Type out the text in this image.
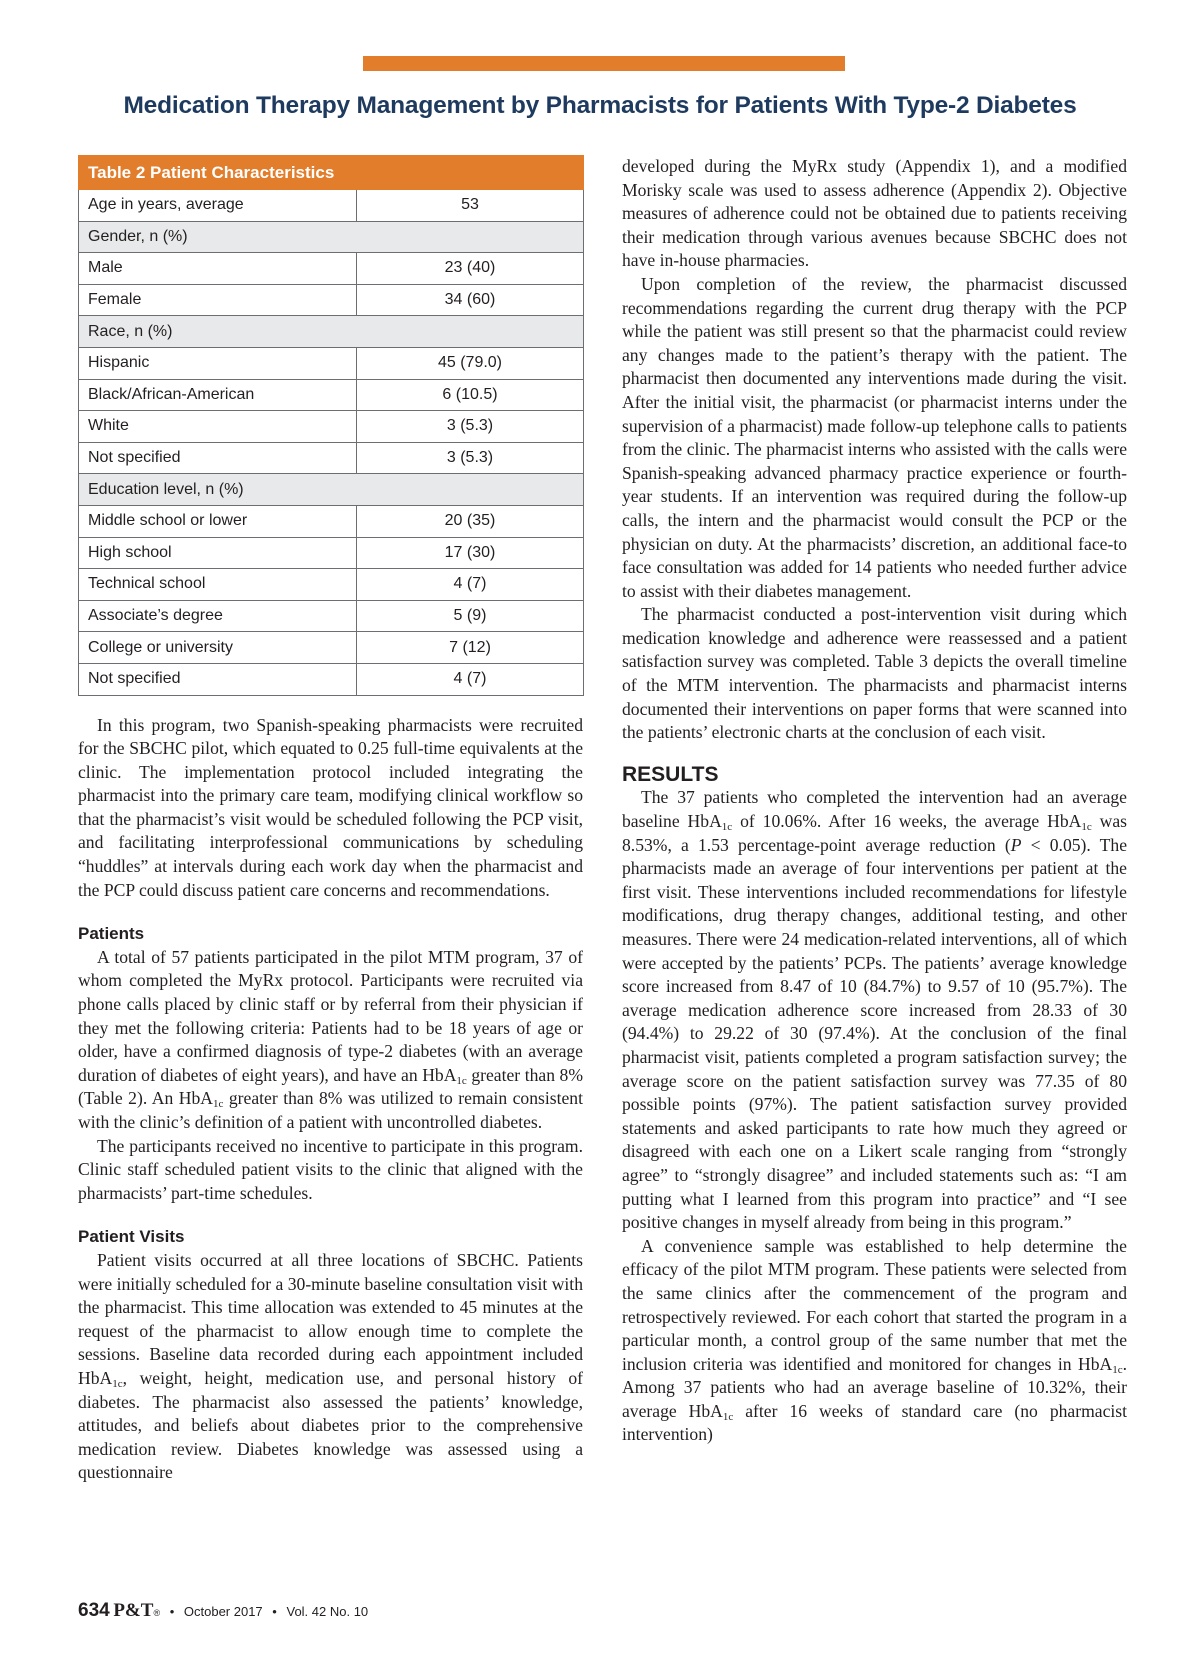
Medication Therapy Management by Pharmacists for Patients With Type-2 Diabetes
Table 2 Patient Characteristics	
Age in years, average	53
Gender, n (%)	
Male	23 (40)
Female	34 (60)
Race, n (%)	
Hispanic	45 (79.0)
Black/African-American	6 (10.5)
White	3 (5.3)
Not specified	3 (5.3)
Education level, n (%)	
Middle school or lower	20 (35)
High school	17 (30)
Technical school	4 (7)
Associate’s degree	5 (9)
College or university	7 (12)
Not specified	4 (7)

In this program, two Spanish-speaking pharmacists were recruited for the SBCHC pilot, which equated to 0.25 full-time equivalents at the clinic. The implementation protocol included integrating the pharmacist into the primary care team, modifying clinical workflow so that the pharmacist’s visit would be scheduled following the PCP visit, and facilitating interprofessional communications by scheduling “huddles” at intervals during each work day when the pharmacist and the PCP could discuss patient care concerns and recommendations.

Patients

A total of 57 patients participated in the pilot MTM program, 37 of whom completed the MyRx protocol. Participants were recruited via phone calls placed by clinic staff or by referral from their physician if they met the following criteria: Patients had to be 18 years of age or older, have a confirmed diagnosis of type-2 diabetes (with an average duration of diabetes of eight years), and have an HbA$_{1c}$ greater than 8% (Table 2). An HbA$_{1c}$ greater than 8% was utilized to remain consistent with the clinic’s definition of a patient with uncontrolled diabetes.

The participants received no incentive to participate in this program. Clinic staff scheduled patient visits to the clinic that aligned with the pharmacists’ part-time schedules.

Patient Visits

Patient visits occurred at all three locations of SBCHC. Patients were initially scheduled for a 30-minute baseline consultation visit with the pharmacist. This time allocation was extended to 45 minutes at the request of the pharmacist to allow enough time to complete the sessions. Baseline data recorded during each appointment included HbA$_{1c}$, weight, height, medication use, and personal history of diabetes. The pharmacist also assessed the patients’ knowledge, attitudes, and beliefs about diabetes prior to the comprehensive medication review. Diabetes knowledge was assessed using a questionnaire

developed during the MyRx study (Appendix 1), and a modified Morisky scale was used to assess adherence (Appendix 2). Objective measures of adherence could not be obtained due to patients receiving their medication through various avenues because SBCHC does not have in-house pharmacies.

Upon completion of the review, the pharmacist discussed recommendations regarding the current drug therapy with the PCP while the patient was still present so that the pharmacist could review any changes made to the patient’s therapy with the patient. The pharmacist then documented any interventions made during the visit. After the initial visit, the pharmacist (or pharmacist interns under the supervision of a pharmacist) made follow-up telephone calls to patients from the clinic. The pharmacist interns who assisted with the calls were Spanish-speaking advanced pharmacy practice experience or fourth-year students. If an intervention was required during the follow-up calls, the intern and the pharmacist would consult the PCP or the physician on duty. At the pharmacists’ discretion, an additional face-to face consultation was added for 14 patients who needed further advice to assist with their diabetes management.

The pharmacist conducted a post-intervention visit during which medication knowledge and adherence were reassessed and a patient satisfaction survey was completed. Table 3 depicts the overall timeline of the MTM intervention. The pharmacists and pharmacist interns documented their interventions on paper forms that were scanned into the patients’ electronic charts at the conclusion of each visit.

RESULTS

The 37 patients who completed the intervention had an average baseline HbA$_{1c}$ of 10.06%. After 16 weeks, the average HbA$_{1c}$ was 8.53%, a 1.53 percentage-point average reduction (P < 0.05). The pharmacists made an average of four interventions per patient at the first visit. These interventions included recommendations for lifestyle modifications, drug therapy changes, additional testing, and other measures. There were 24 medication-related interventions, all of which were accepted by the patients’ PCPs. The patients’ average knowledge score increased from 8.47 of 10 (84.7%) to 9.57 of 10 (95.7%). The average medication adherence score increased from 28.33 of 30 (94.4%) to 29.22 of 30 (97.4%). At the conclusion of the final pharmacist visit, patients completed a program satisfaction survey; the average score on the patient satisfaction survey was 77.35 of 80 possible points (97%). The patient satisfaction survey provided statements and asked participants to rate how much they agreed or disagreed with each one on a Likert scale ranging from “strongly agree” to “strongly disagree” and included statements such as: “I am putting what I learned from this program into practice” and “I see positive changes in myself already from being in this program.”

A convenience sample was established to help determine the efficacy of the pilot MTM program. These patients were selected from the same clinics after the commencement of the program and retrospectively reviewed. For each cohort that started the program in a particular month, a control group of the same number that met the inclusion criteria was identified and monitored for changes in HbA$_{1c}$. Among 37 patients who had an average baseline of 10.32%, their average HbA$_{1c}$ after 16 weeks of standard care (no pharmacist intervention)

634 P&T® • October 2017 • Vol. 42 No. 10
